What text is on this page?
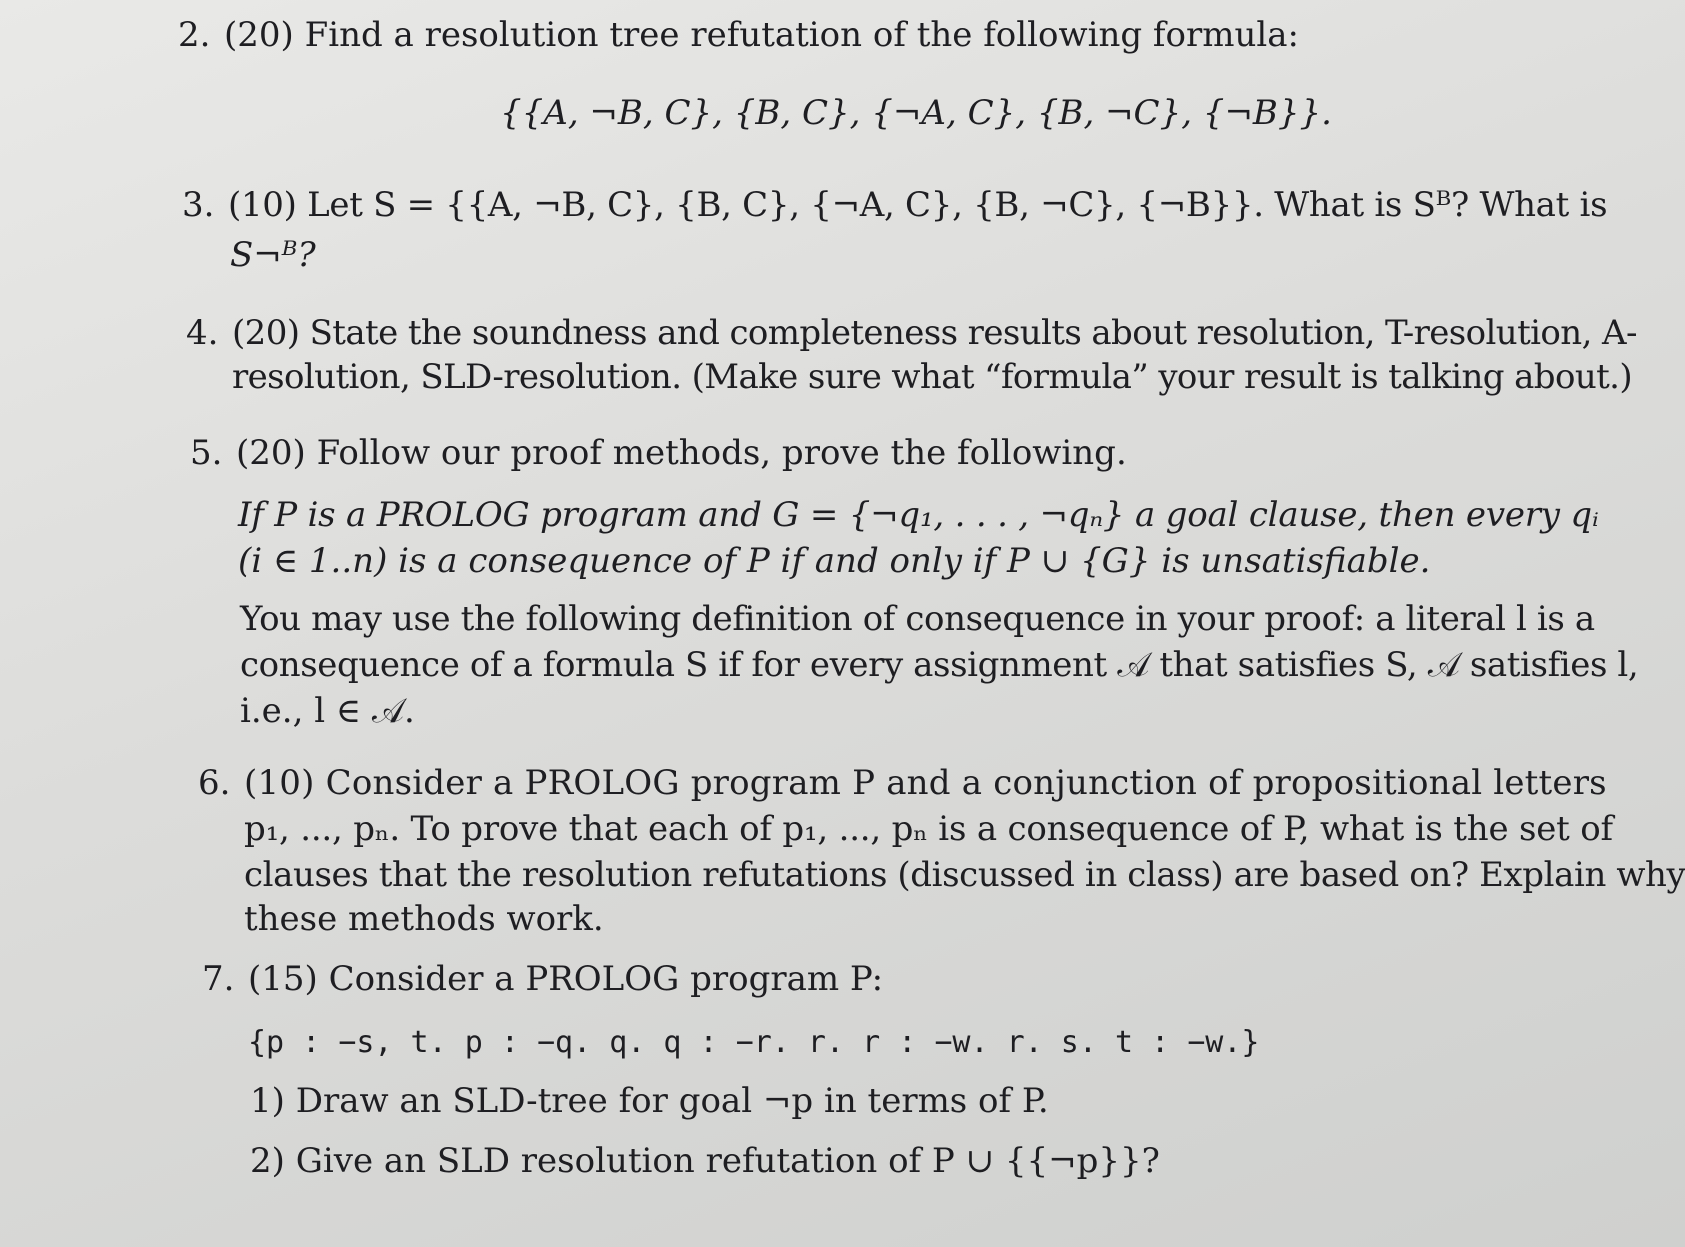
2. (20) Find a resolution tree refutation of the following formula:
{{A, ¬B, C}, {B, C}, {¬A, C}, {B, ¬C}, {¬B}}.
3. (10) Let S = {{A, ¬B, C}, {B, C}, {¬A, C}, {B, ¬C}, {¬B}}. What is Sᴮ? What is
S¬ᴮ?
4. (20) State the soundness and completeness results about resolution, T-resolution, A-
resolution, SLD-resolution. (Make sure what “formula” your result is talking about.)
5. (20) Follow our proof methods, prove the following.
If P is a PROLOG program and G = {¬q₁, . . . , ¬qₙ} a goal clause, then every qᵢ
(i ∈ 1..n) is a consequence of P if and only if P ∪ {G} is unsatisfiable.
You may use the following definition of consequence in your proof: a literal l is a
consequence of a formula S if for every assignment 𝒜 that satisfies S, 𝒜 satisfies l,
i.e., l ∈ 𝒜.
6. (10) Consider a PROLOG program P and a conjunction of propositional letters
p₁, ..., pₙ. To prove that each of p₁, ..., pₙ is a consequence of P, what is the set of
clauses that the resolution refutations (discussed in class) are based on? Explain why
these methods work.
7. (15) Consider a PROLOG program P:
{p : −s, t. p : −q. q. q : −r. r. r : −w. r. s. t : −w.}
1) Draw an SLD-tree for goal ¬p in terms of P.
2) Give an SLD resolution refutation of P ∪ {{¬p}}?
